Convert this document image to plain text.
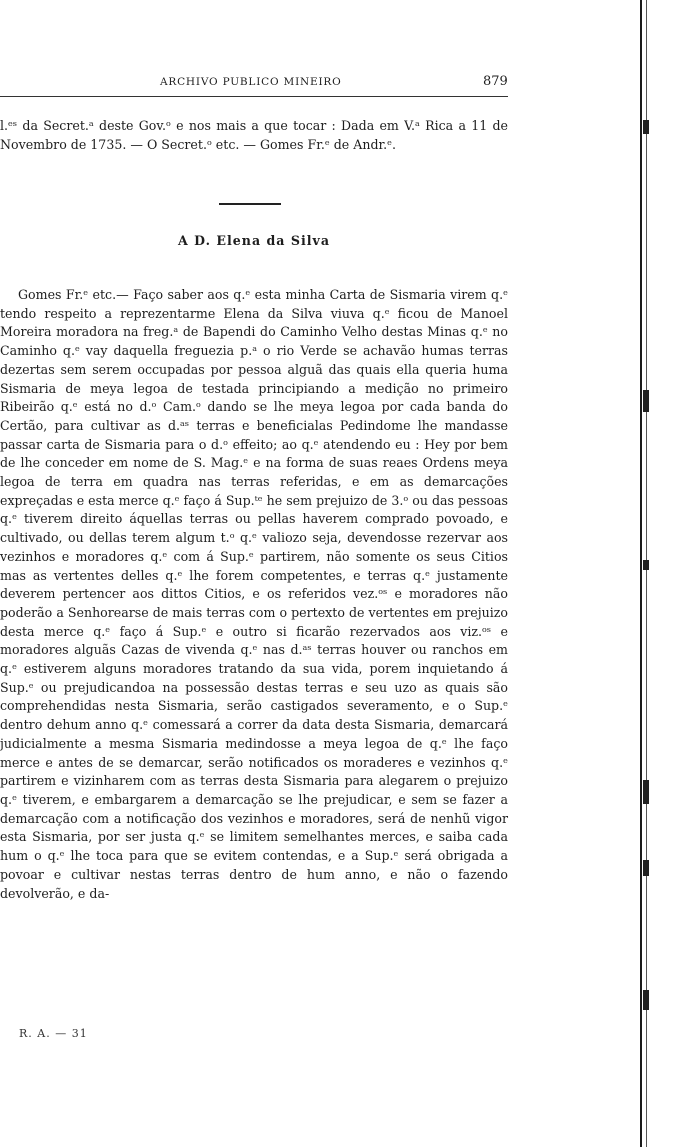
ARCHIVO PUBLICO MINEIRO	879

l.ᵉˢ da Secret.ᵃ deste Gov.ᵒ e nos mais a que tocar : Dada em V.ᵃ Rica a 11 de Novembro de 1735. — O Secret.ᵒ etc. — Gomes Fr.ᵉ de Andr.ᵉ.

A D. Elena da Silva

Gomes Fr.ᵉ etc.— Faço saber aos q.ᵉ esta minha Carta de Sismaria virem q.ᵉ tendo respeito a reprezentarme Elena da Silva viuva q.ᵉ ficou de Manoel Moreira moradora na freg.ᵃ de Bapendi do Caminho Velho destas Minas q.ᵉ no Caminho q.ᵉ vay daquella freguezia p.ᵃ o rio Verde se achavão humas terras dezertas sem serem occupadas por pessoa alguã das quais ella queria huma Sismaria de meya legoa de testada principiando a medição no primeiro Ribeirão q.ᵉ está no d.ᵒ Cam.ᵒ dando se lhe meya legoa por cada banda do Certão, para cultivar as d.ᵃˢ terras e beneficialas Pedindome lhe mandasse passar carta de Sismaria para o d.ᵒ effeito; ao q.ᵉ atendendo eu : Hey por bem de lhe conceder em nome de S. Mag.ᵉ e na forma de suas reaes Ordens meya legoa de terra em quadra nas terras referidas, e em as demarcações expreçadas e esta merce q.ᵉ faço á Sup.ᵗᵉ he sem prejuizo de 3.ᵒ ou das pessoas q.ᵉ tiverem direito áquellas terras ou pellas haverem comprado povoado, e cultivado, ou dellas terem algum t.ᵒ q.ᵉ valiozo seja, devendosse rezervar aos vezinhos e moradores q.ᵉ com á Sup.ᵉ partirem, não somente os seus Citios mas as vertentes delles q.ᵉ lhe forem competentes, e terras q.ᵉ justamente deverem pertencer aos dittos Citios, e os referidos vez.ᵒˢ e moradores não poderão a Senhorearse de mais terras com o pertexto de vertentes em prejuizo desta merce q.ᵉ faço á Sup.ᵉ e outro si ficarão rezervados aos viz.ᵒˢ e moradores alguãs Cazas de vivenda q.ᵉ nas d.ᵃˢ terras houver ou ranchos em q.ᵉ estiverem alguns moradores tratando da sua vida, porem inquietando á Sup.ᵉ ou prejudicandoa na possessão destas terras e seu uzo as quais são comprehendidas nesta Sismaria, serão castigados severamento, e o Sup.ᵉ dentro dehum anno q.ᵉ comessará a correr da data desta Sismaria, demarcará judicialmente a mesma Sismaria medindosse a meya legoa de q.ᵉ lhe faço merce e antes de se demarcar, serão notificados os moraderes e vezinhos q.ᵉ partirem e vizinharem com as terras desta Sismaria para alegarem o prejuizo q.ᵉ tiverem, e embargarem a demarcação se lhe prejudicar, e sem se fazer a demarcação com a notificação dos vezinhos e moradores, será de nenhũ vigor esta Sismaria, por ser justa q.ᵉ se limitem semelhantes merces, e saiba cada hum o q.ᵉ lhe toca para que se evitem contendas, e a Sup.ᵉ será obrigada a povoar e cultivar nestas terras dentro de hum anno, e não o fazendo devolverão, e da-

R. A. — 31
